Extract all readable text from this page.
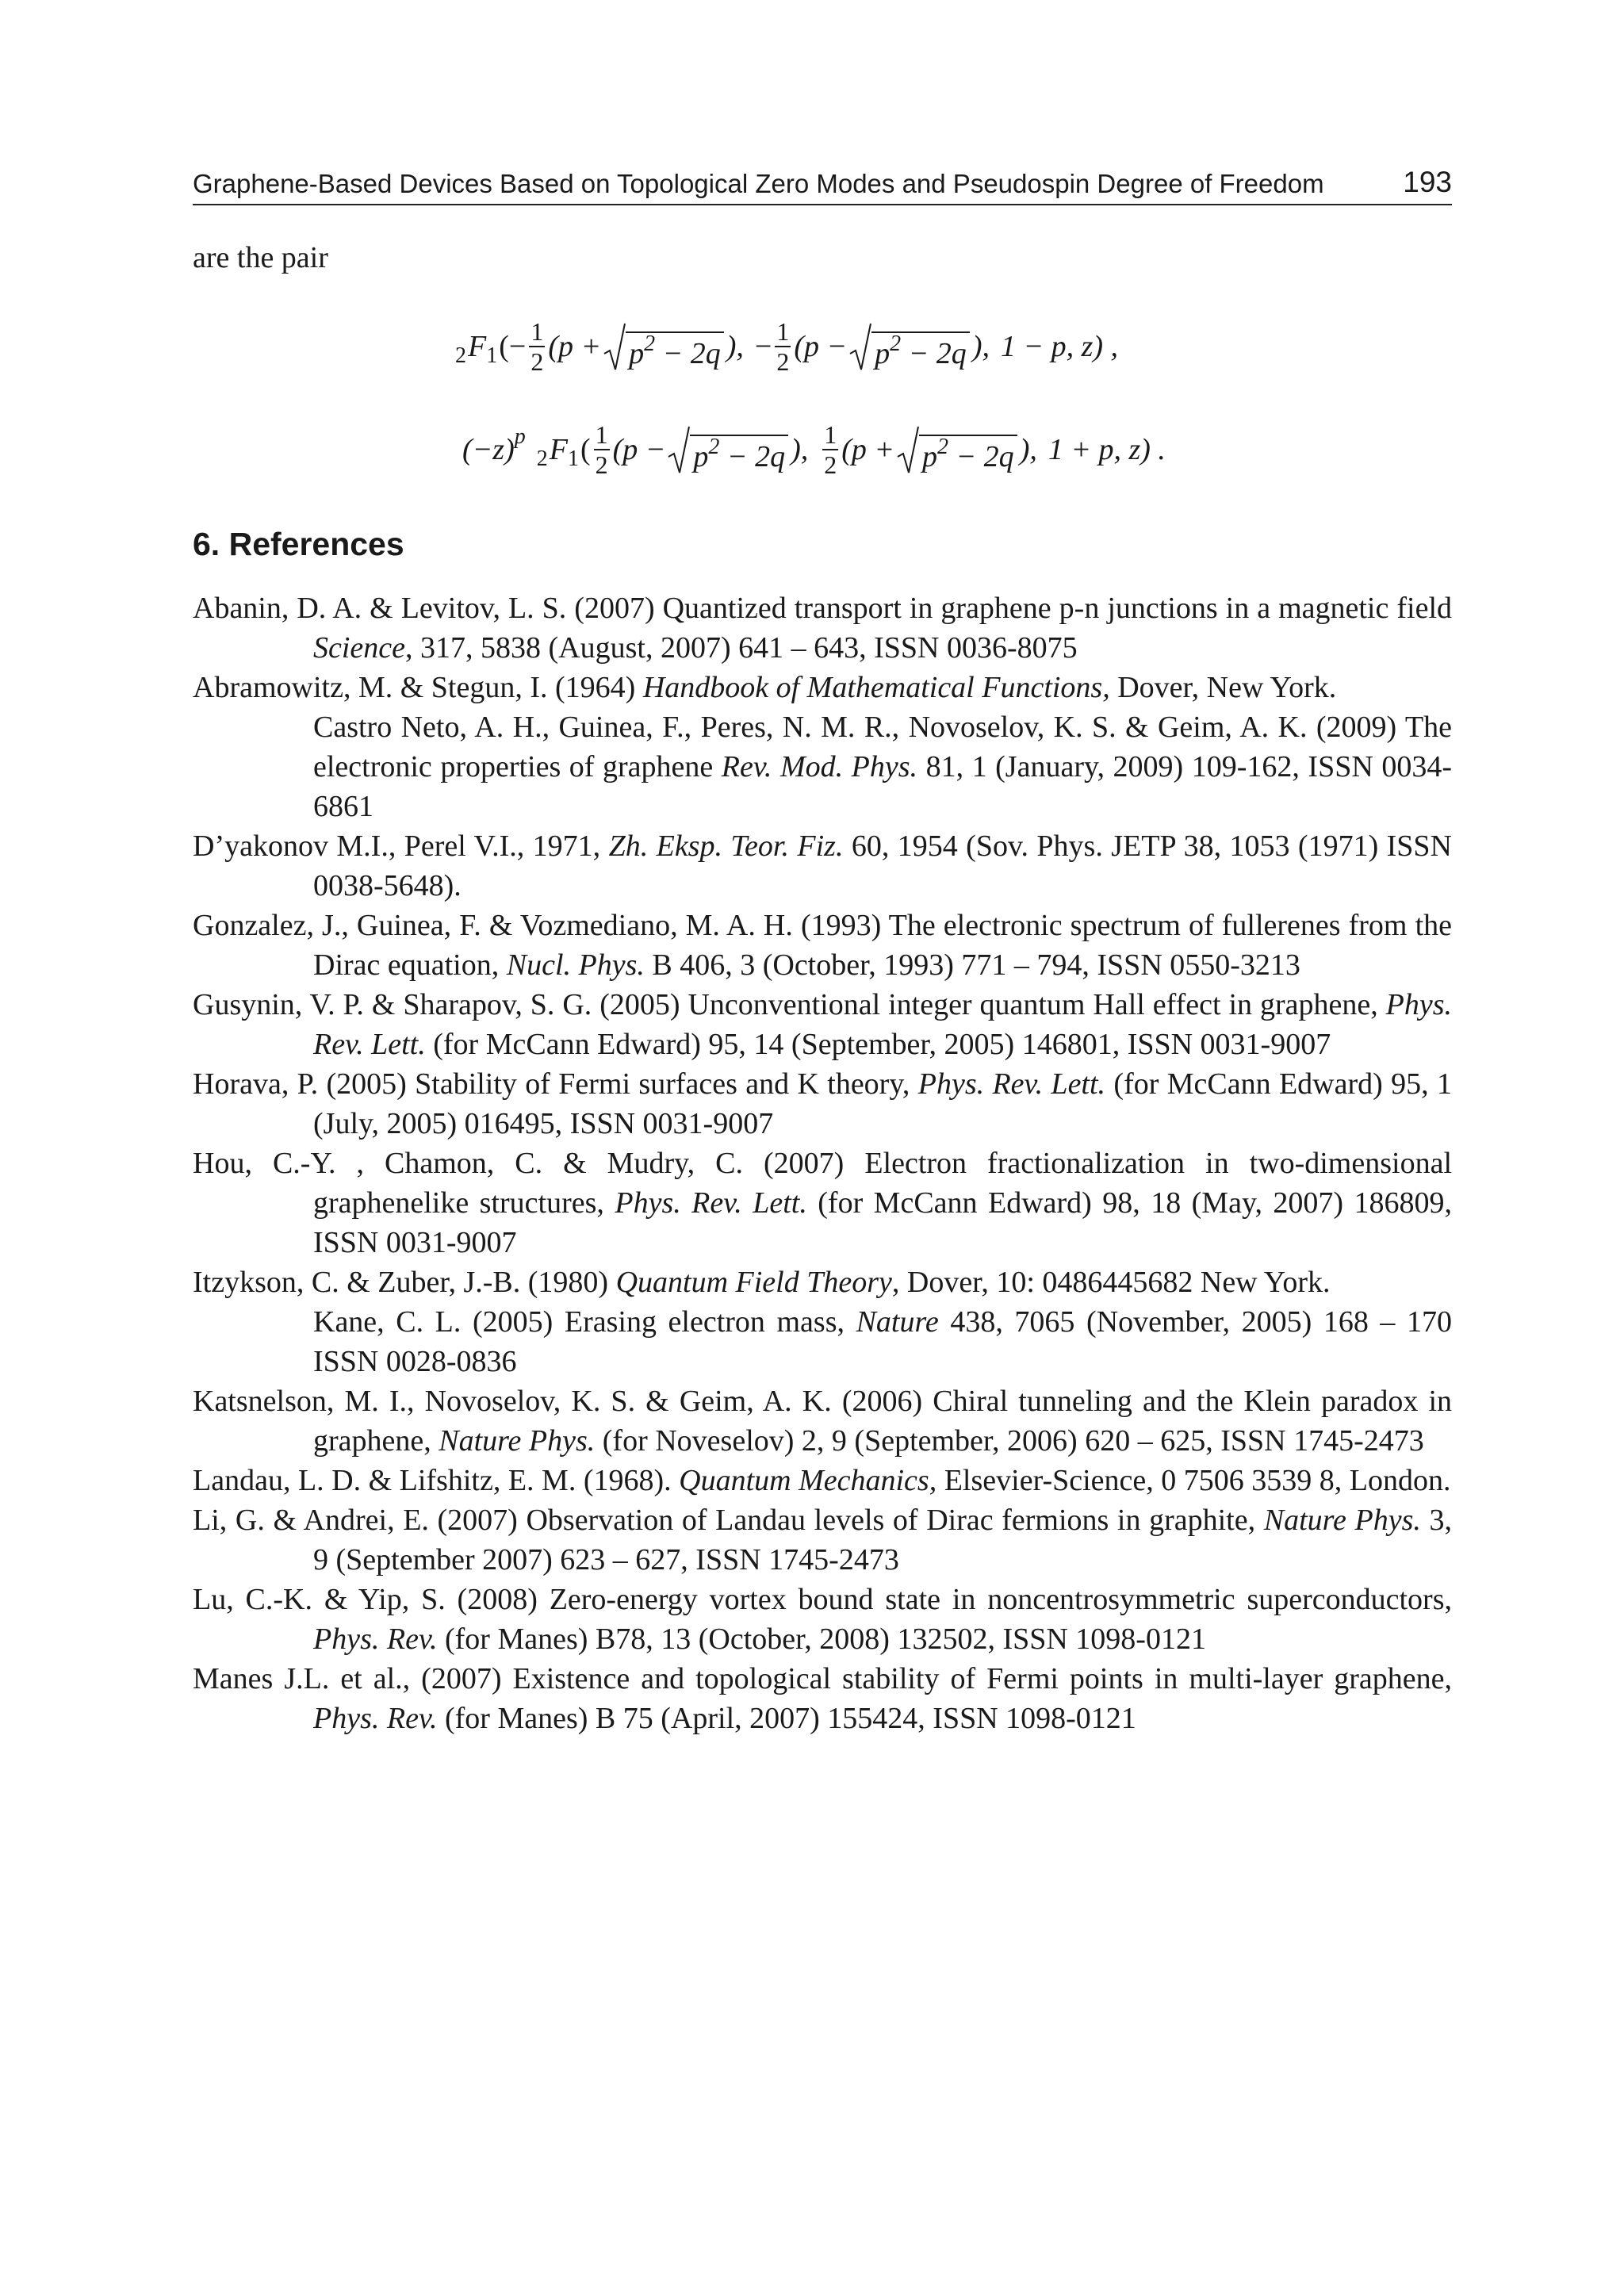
Graphene-Based Devices Based on Topological Zero Modes and Pseudospin Degree of Freedom	193
are the pair
2 F 1 ( − $\frac{1}{2} (p + p^2 - 2q$ ), − $\frac{1}{2} (p - p^2 - 2q$ ), 1 − p, z) ,
(−z) p
2 F 1 ( $\frac{1}{2} (p - p^2 - 2q$ ), $\frac{1}{2} (p + p^2 - 2q$ ), 1 + p, z) .
6. References
Abanin, D. A. & Levitov, L. S. (2007) Quantized transport in graphene p-n junctions in a magnetic field Science, 317, 5838 (August, 2007) 641 – 643, ISSN 0036-8075
Abramowitz, M. & Stegun, I. (1964) Handbook of Mathematical Functions, Dover, New York.
Castro Neto, A. H., Guinea, F., Peres, N. M. R., Novoselov, K. S. & Geim, A. K. (2009) The electronic properties of graphene Rev. Mod. Phys. 81, 1 (January, 2009) 109-162, ISSN 0034-6861
D’yakonov M.I., Perel V.I., 1971, Zh. Eksp. Teor. Fiz. 60, 1954 (Sov. Phys. JETP 38, 1053 (1971) ISSN 0038-5648).
Gonzalez, J., Guinea, F. & Vozmediano, M. A. H. (1993) The electronic spectrum of fullerenes from the Dirac equation, Nucl. Phys. B 406, 3 (October, 1993) 771 – 794, ISSN 0550-3213
Gusynin, V. P. & Sharapov, S. G. (2005) Unconventional integer quantum Hall effect in graphene, Phys. Rev. Lett. (for McCann Edward) 95, 14 (September, 2005) 146801, ISSN 0031-9007
Horava, P. (2005) Stability of Fermi surfaces and K theory, Phys. Rev. Lett. (for McCann Edward) 95, 1 (July, 2005) 016495, ISSN 0031-9007
Hou, C.-Y. , Chamon, C. & Mudry, C. (2007) Electron fractionalization in two-dimensional graphenelike structures, Phys. Rev. Lett. (for McCann Edward) 98, 18 (May, 2007) 186809, ISSN 0031-9007
Itzykson, C. & Zuber, J.-B. (1980) Quantum Field Theory, Dover, 10: 0486445682 New York.
Kane, C. L. (2005) Erasing electron mass, Nature 438, 7065 (November, 2005) 168 – 170 ISSN 0028-0836
Katsnelson, M. I., Novoselov, K. S. & Geim, A. K. (2006) Chiral tunneling and the Klein paradox in graphene, Nature Phys. (for Noveselov) 2, 9 (September, 2006) 620 – 625, ISSN 1745-2473
Landau, L. D. & Lifshitz, E. M. (1968). Quantum Mechanics, Elsevier-Science, 0 7506 3539 8, London.
Li, G. & Andrei, E. (2007) Observation of Landau levels of Dirac fermions in graphite, Nature Phys. 3, 9 (September 2007) 623 – 627, ISSN 1745-2473
Lu, C.-K. & Yip, S. (2008) Zero-energy vortex bound state in noncentrosymmetric superconductors, Phys. Rev. (for Manes) B78, 13 (October, 2008) 132502, ISSN 1098-0121
Manes J.L. et al., (2007) Existence and topological stability of Fermi points in multi-layer graphene, Phys. Rev. (for Manes) B 75 (April, 2007) 155424, ISSN 1098-0121
